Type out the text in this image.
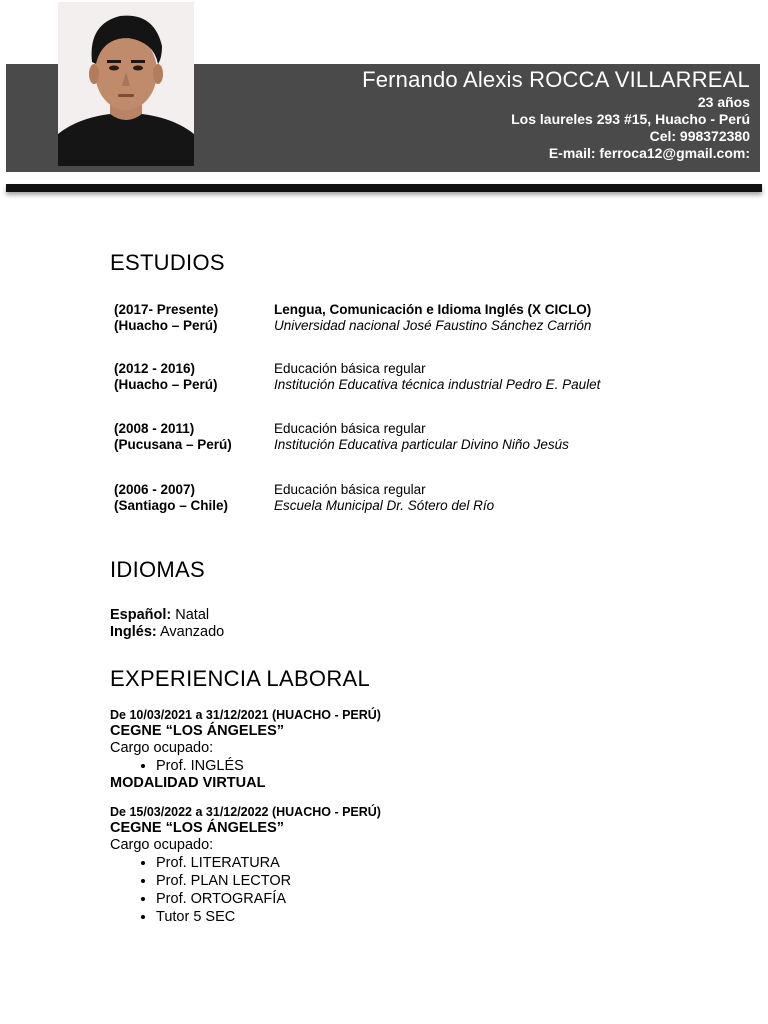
Fernando Alexis ROCCA VILLARREAL
23 años
Los laureles 293 #15, Huacho - Perú
Cel: 998372380
E-mail: ferroca12@gmail.com:
ESTUDIOS
(2017- Presente)
(Huacho – Perú)
Lengua, Comunicación e Idioma Inglés (X CICLO)
Universidad nacional José Faustino Sánchez Carrión
(2012 - 2016)
(Huacho – Perú)
Educación básica regular
Institución Educativa técnica industrial Pedro E. Paulet
(2008 - 2011)
(Pucusana – Perú)
Educación básica regular
Institución Educativa particular Divino Niño Jesús
(2006 - 2007)
(Santiago – Chile)
Educación básica regular
Escuela Municipal Dr. Sótero del Río
IDIOMAS
Español: Natal
Inglés: Avanzado
EXPERIENCIA LABORAL
De 10/03/2021 a 31/12/2021 (HUACHO - PERÚ)
CEGNE “LOS ÁNGELES”
Cargo ocupado:
• Prof. INGLÉS
MODALIDAD VIRTUAL
De 15/03/2022 a 31/12/2022 (HUACHO - PERÚ)
CEGNE “LOS ÁNGELES”
Cargo ocupado:
• Prof. LITERATURA
• Prof. PLAN LECTOR
• Prof. ORTOGRAFÍA
• Tutor 5 SEC
